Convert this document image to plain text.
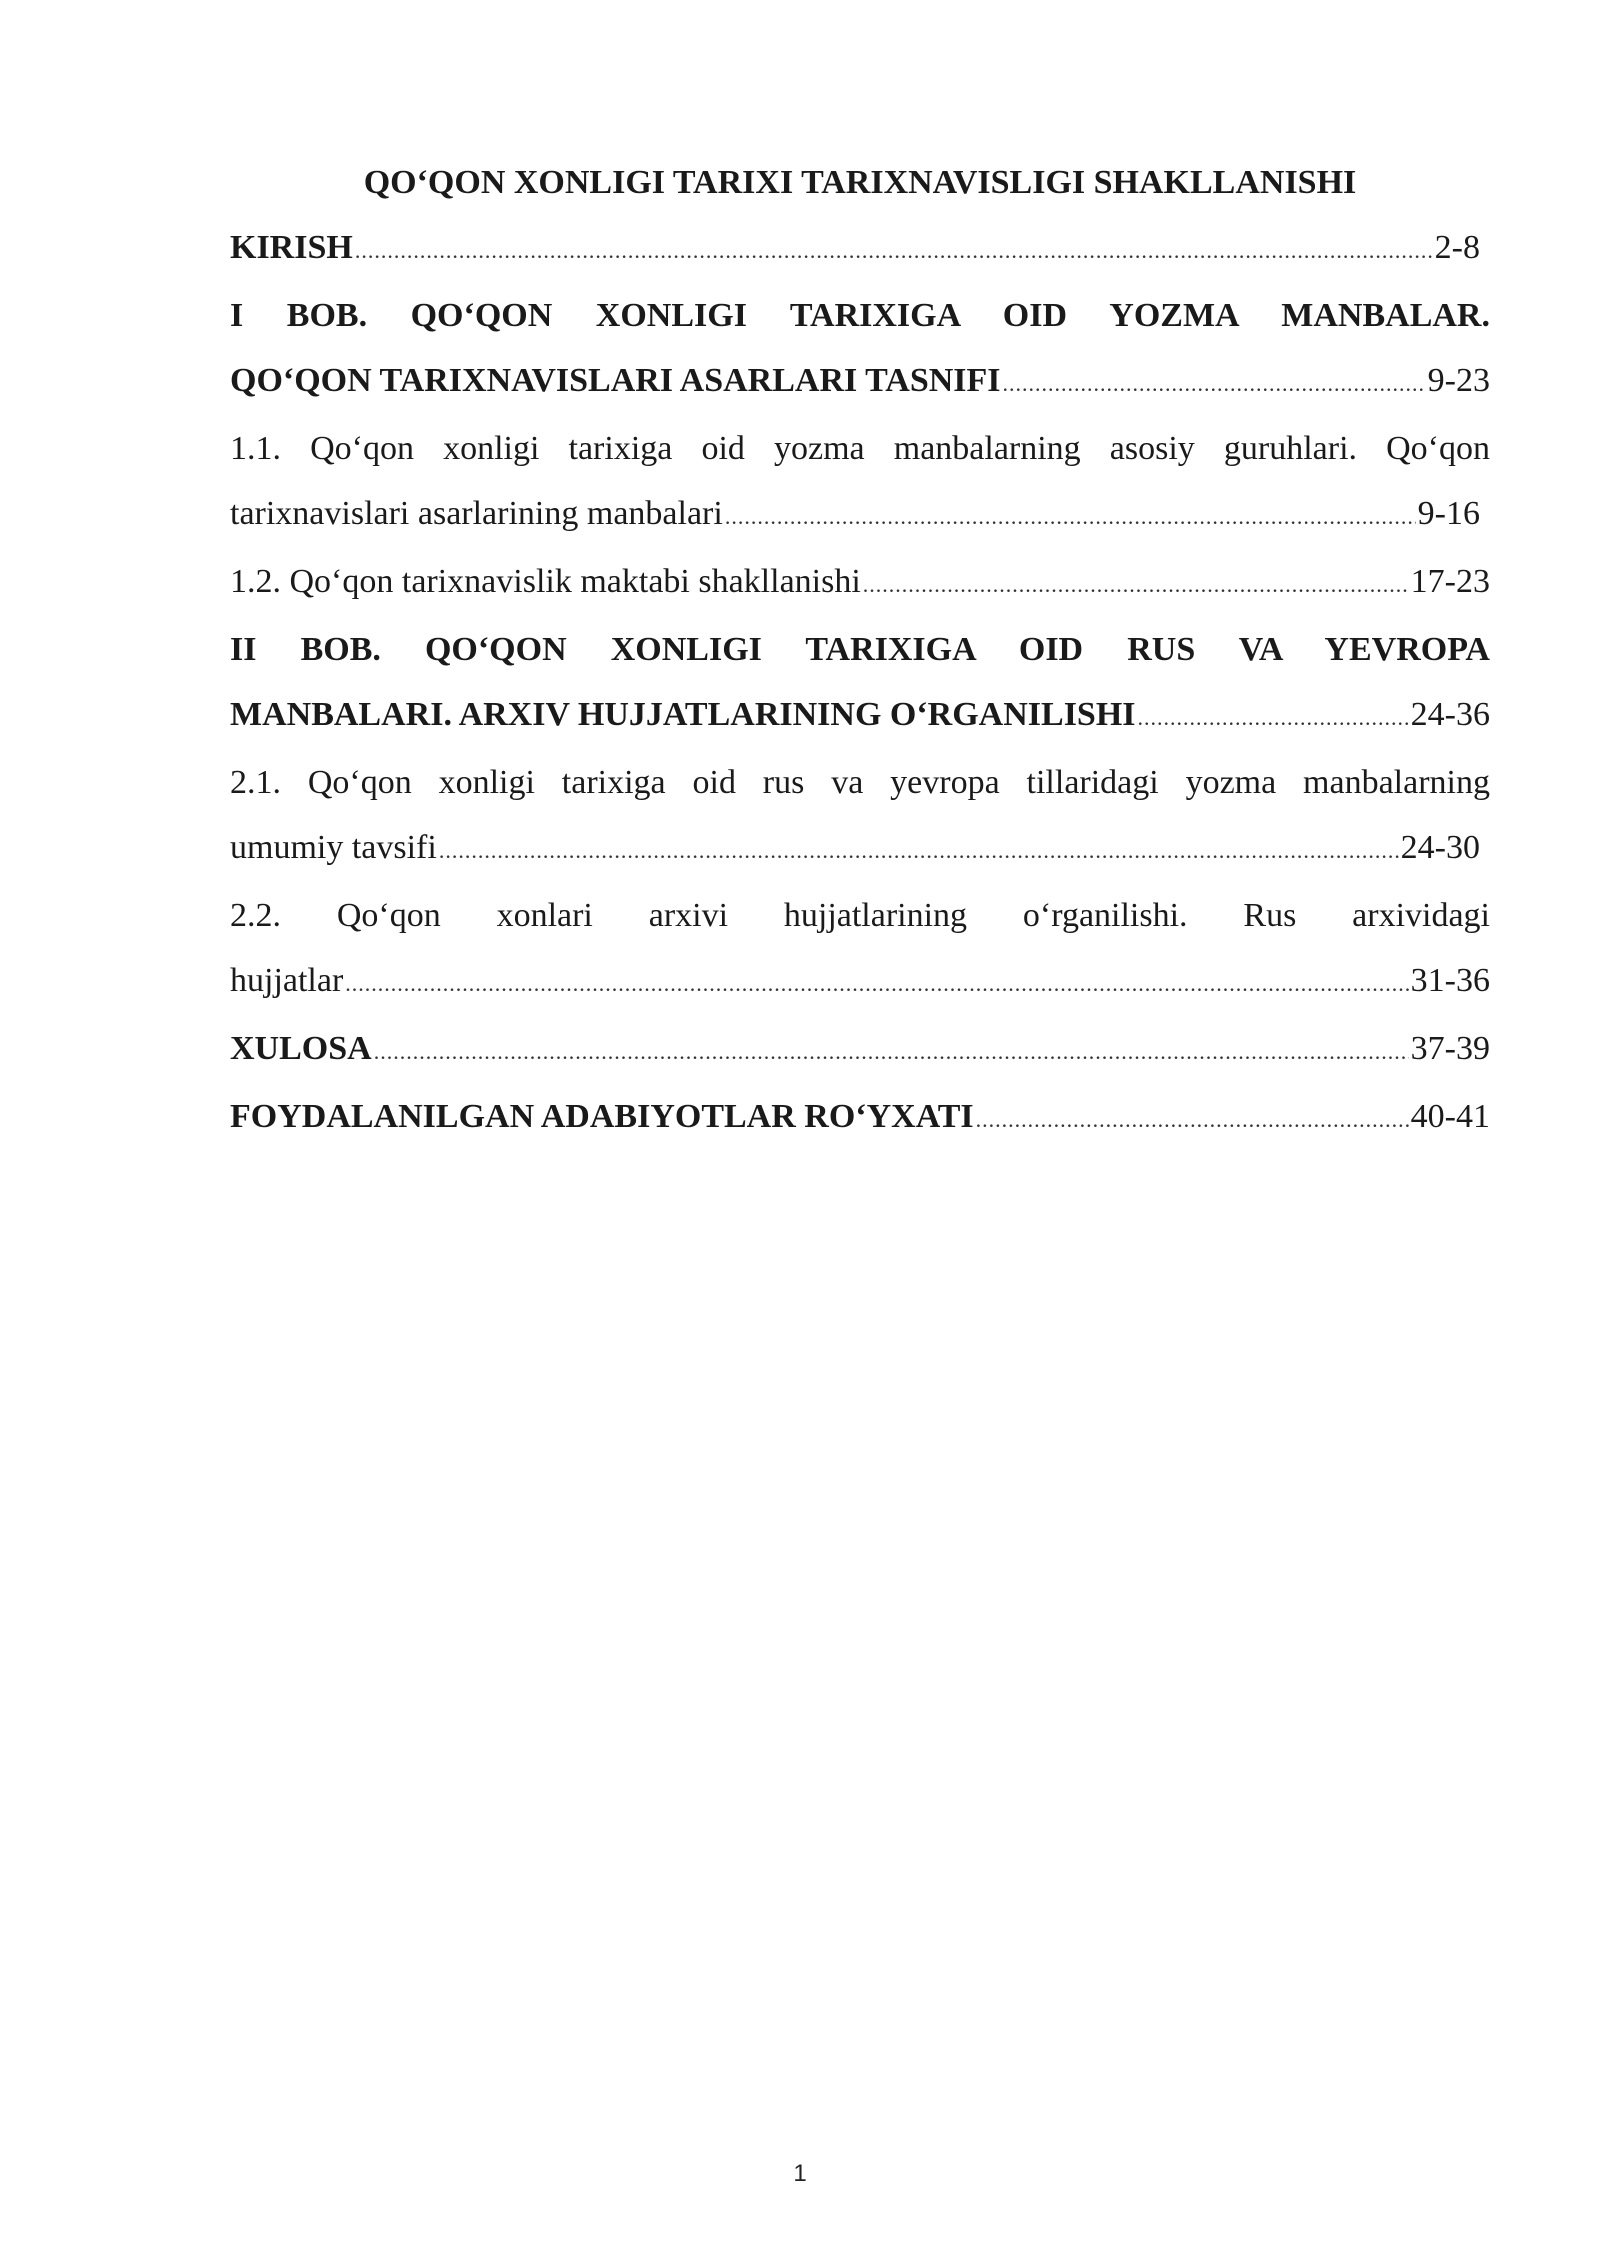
QO‘QON XONLIGI TARIXI TARIXNAVISLIGI SHAKLLANISHI
KIRISH .....	2-8
I BOB. QO‘QON XONLIGI TARIXIGA OID YOZMA MANBALAR.
QO‘QON TARIXNAVISLARI ASARLARI TASNIFI .....	9-23
1.1. Qo‘qon xonligi tarixiga oid yozma manbalarning asosiy guruhlari. Qo‘qon
tarixnavislari asarlarining manbalari .....	9-16
1.2. Qo‘qon tarixnavislik maktabi shakllanishi .....	17-23
II BOB. QO‘QON XONLIGI TARIXIGA OID RUS VA YEVROPA
MANBALARI. ARXIV HUJJATLARINING O‘RGANILISHI .....	24-36
2.1. Qo‘qon xonligi tarixiga oid rus va yevropa tillaridagi yozma manbalarning
umumiy tavsifi .....	24-30
2.2. Qo‘qon xonlari arxivi hujjatlarining o‘rganilishi. Rus arxividagi
hujjatlar .....	31-36
XULOSA .....	37-39
FOYDALANILGAN ADABIYOTLAR RO‘YXATI .....	40-41
1
